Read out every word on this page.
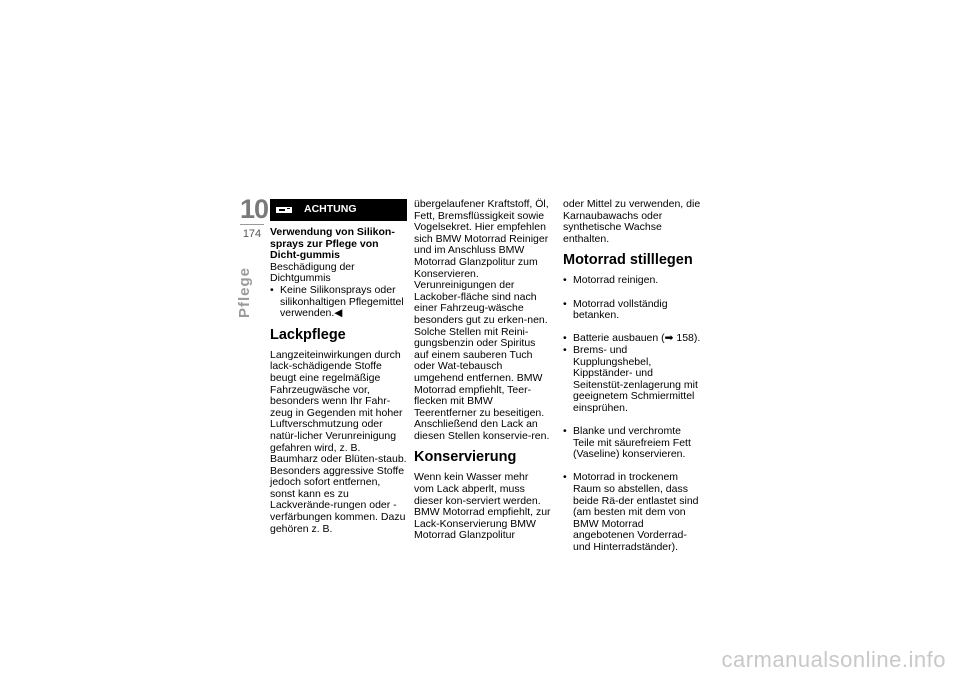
10
174
Pflege
ACHTUNG

Verwendung von Silikon-sprays zur Pflege von Dicht-gummis

Beschädigung der Dichtgummis

• Keine Silikonsprays oder silikonhaltigen Pflegemittel verwenden.◀
Lackpflege

Langzeiteinwirkungen durch lack-schädigende Stoffe beugt eine regelmäßige Fahrzeugwäsche vor, besonders wenn Ihr Fahr-zeug in Gegenden mit hoher Luftverschmutzung oder natür-licher Verunreinigung gefahren wird, z. B. Baumharz oder Blüten-staub.

Besonders aggressive Stoffe jedoch sofort entfernen, sonst kann es zu Lackverände-rungen oder -verfärbungen kommen. Dazu gehören z. B.

übergelaufener Kraftstoff, Öl, Fett, Bremsflüssigkeit sowie Vogelsekret. Hier empfehlen sich BMW Motorrad Reiniger und im Anschluss BMW Motorrad Glanzpolitur zum Konservieren. Verunreinigungen der Lackober-fläche sind nach einer Fahrzeug-wäsche besonders gut zu erken-nen. Solche Stellen mit Reini-gungsbenzin oder Spiritus auf einem sauberen Tuch oder Wat-tebausch umgehend entfernen. BMW Motorrad empfiehlt, Teer-flecken mit BMW Teerentferner zu beseitigen. Anschließend den Lack an diesen Stellen konservie-ren.

Konservierung

Wenn kein Wasser mehr vom Lack abperlt, muss dieser kon-serviert werden.

BMW Motorrad empfiehlt, zur Lack-Konservierung BMW Motorrad Glanzpolitur

oder Mittel zu verwenden, die Karnaubawachs oder synthetische Wachse enthalten.

Motorrad stilllegen
• Motorrad reinigen.
• Motorrad vollständig betanken.
• Batterie ausbauen (➡ 158).
• Brems- und Kupplungshebel, Kippständer- und Seitenstüt-zenlagerung mit geeignetem Schmiermittel einsprühen.
• Blanke und verchromte Teile mit säurefreiem Fett (Vaseline) konservieren.
• Motorrad in trockenem Raum so abstellen, dass beide Rä-der entlastet sind (am besten mit dem von BMW Motorrad angebotenen Vorderrad- und Hinterradständer).
carmanualsonline.info
